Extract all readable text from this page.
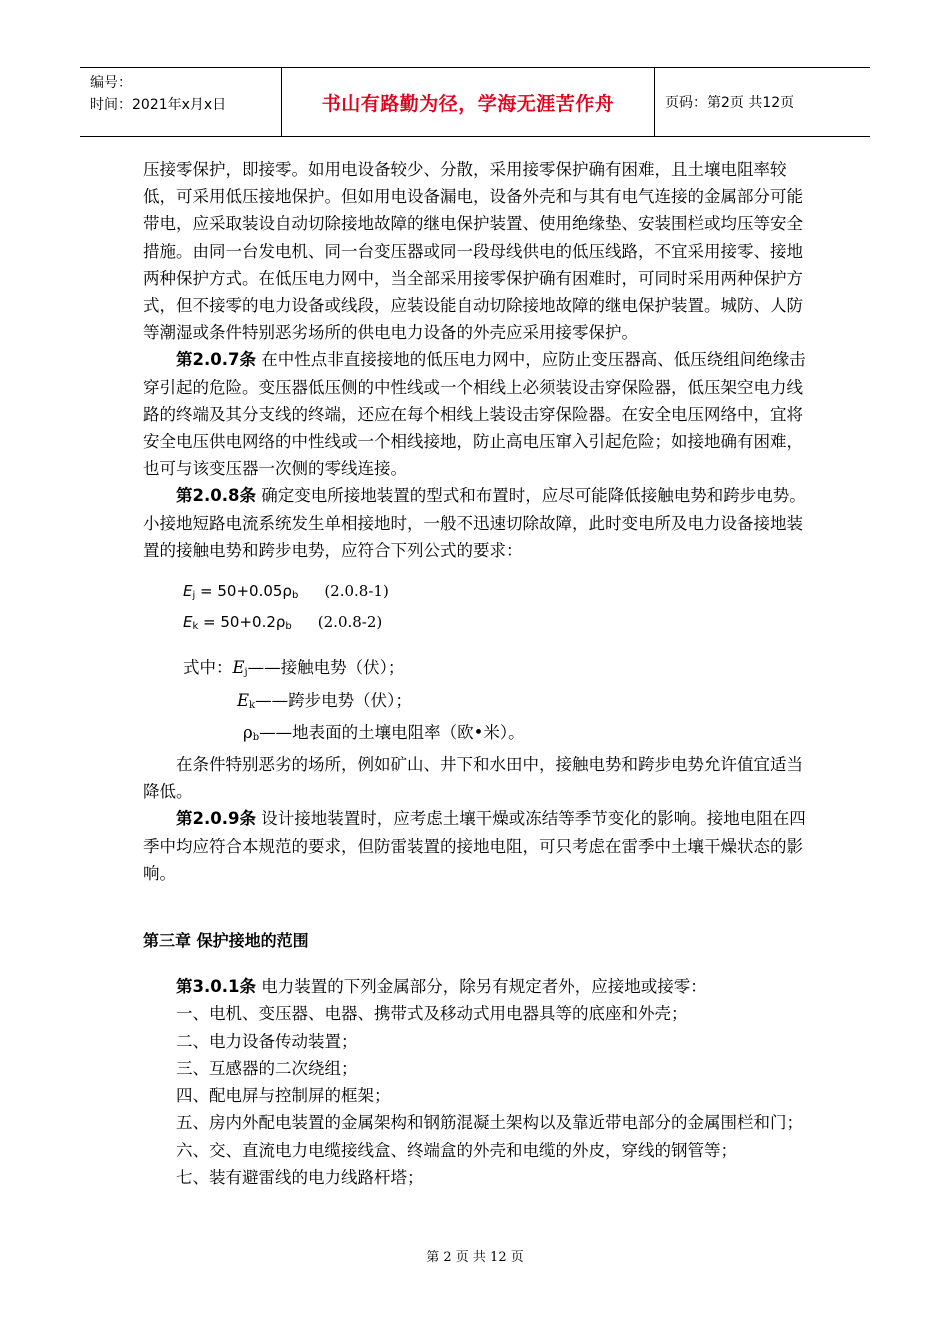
编号：
时间：2021年x月x日	书山有路勤为径，学海无涯苦作舟	页码：第2页 共12页

压接零保护，即接零。如用电设备较少、分散，采用接零保护确有困难，且土壤电阻率较低，可采用低压接地保护。但如用电设备漏电，设备外壳和与其有电气连接的金属部分可能带电，应采取装设自动切除接地故障的继电保护装置、使用绝缘垫、安装围栏或均压等安全措施。由同一台发电机、同一台变压器或同一段母线供电的低压线路，不宜采用接零、接地两种保护方式。在低压电力网中，当全部采用接零保护确有困难时，可同时采用两种保护方式，但不接零的电力设备或线段，应装设能自动切除接地故障的继电保护装置。城防、人防等潮湿或条件特别恶劣场所的供电电力设备的外壳应采用接零保护。

第2.0.7条 在中性点非直接接地的低压电力网中，应防止变压器高、低压绕组间绝缘击穿引起的危险。变压器低压侧的中性线或一个相线上必须装设击穿保险器，低压架空电力线路的终端及其分支线的终端，还应在每个相线上装设击穿保险器。在安全电压网络中，宜将安全电压供电网络的中性线或一个相线接地，防止高电压窜入引起危险；如接地确有困难，也可与该变压器一次侧的零线连接。

第2.0.8条 确定变电所接地装置的型式和布置时，应尽可能降低接触电势和跨步电势。小接地短路电流系统发生单相接地时，一般不迅速切除故障，此时变电所及电力设备接地装置的接触电势和跨步电势，应符合下列公式的要求：

$E_j = 50+0.05\rho_b$ (2.0.8-1)

$E_k = 50+0.2\rho_b$ (2.0.8-2)

式中：$E_j——$接触电势（伏）；

$E_k——$跨步电势（伏）；

$\rho_b——$地表面的土壤电阻率（欧•米）。

在条件特别恶劣的场所，例如矿山、井下和水田中，接触电势和跨步电势允许值宜适当降低。

第2.0.9条 设计接地装置时，应考虑土壤干燥或冻结等季节变化的影响。接地电阻在四季中均应符合本规范的要求，但防雷装置的接地电阻，可只考虑在雷季中土壤干燥状态的影响。

第三章 保护接地的范围

第3.0.1条 电力装置的下列金属部分，除另有规定者外，应接地或接零：

一、电机、变压器、电器、携带式及移动式用电器具等的底座和外壳；

二、电力设备传动装置；

三、互感器的二次绕组；

四、配电屏与控制屏的框架；

五、房内外配电装置的金属架构和钢筋混凝土架构以及靠近带电部分的金属围栏和门；

六、交、直流电力电缆接线盒、终端盒的外壳和电缆的外皮，穿线的钢管等；

七、装有避雷线的电力线路杆塔；

第 2 页 共 12 页
